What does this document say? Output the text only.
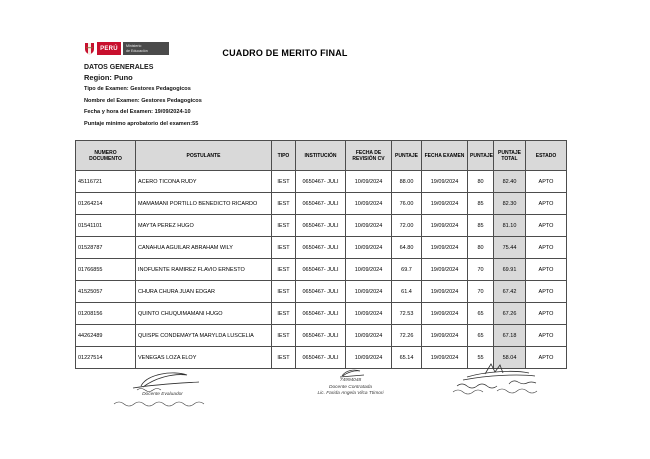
PERÚ	Ministerio
de Educación	CUADRO DE MERITO FINAL
DATOS GENERALES
Region: Puno
Tipo de Examen: Gestores Pedagogicos
Nombre del Examen: Gestores Pedagogicos
Fecha y hora del Examen: 19/09/2024-10
Puntaje minimo aprobatorio del examen:55
NUMERO DOCUMENTO	POSTULANTE	TIPO	INSTITUCIÓN	FECHA DE REVISIÓN CV	PUNTAJE	FECHA EXAMEN	PUNTAJE	PUNTAJE TOTAL	ESTADO
45116721	ACERO TICONA RUDY	IEST	0650467- JULI	10/09/2024	88.00	19/09/2024	80	82.40	APTO
01264214	MAMAMANI PORTILLO BENEDICTO RICARDO	IEST	0650467- JULI	10/09/2024	76.00	19/09/2024	85	82.30	APTO
01541101	MAYTA PEREZ HUGO	IEST	0650467- JULI	10/09/2024	72.00	19/09/2024	85	81.10	APTO
01528787	CANAHUA AGUILAR ABRAHAM WILY	IEST	0650467- JULI	10/09/2024	64.80	19/09/2024	80	75.44	APTO
01766855	INOFUENTE RAMIREZ FLAVIO ERNESTO	IEST	0650467- JULI	10/09/2024	69.7	19/09/2024	70	69.91	APTO
41525057	CHURA CHURA JUAN EDGAR	IEST	0650467- JULI	10/09/2024	61.4	19/09/2024	70	67.42	APTO
01208156	QUINTO CHUQUIMAMANI HUGO	IEST	0650467- JULI	10/09/2024	72.53	19/09/2024	65	67.26	APTO
44262489	QUISPE CONDEMAYTA MARYLDA LUSCELIA	IEST	0650467- JULI	10/09/2024	72.26	19/09/2024	65	67.18	APTO
01227514	VENEGAS LOZA ELOY	IEST	0650467- JULI	10/09/2024	65.14	19/09/2024	55	58.04	APTO
Docente Evaluador
74994048
Docente Contratada
Lic. Farida Angela Vilca Ttimori
